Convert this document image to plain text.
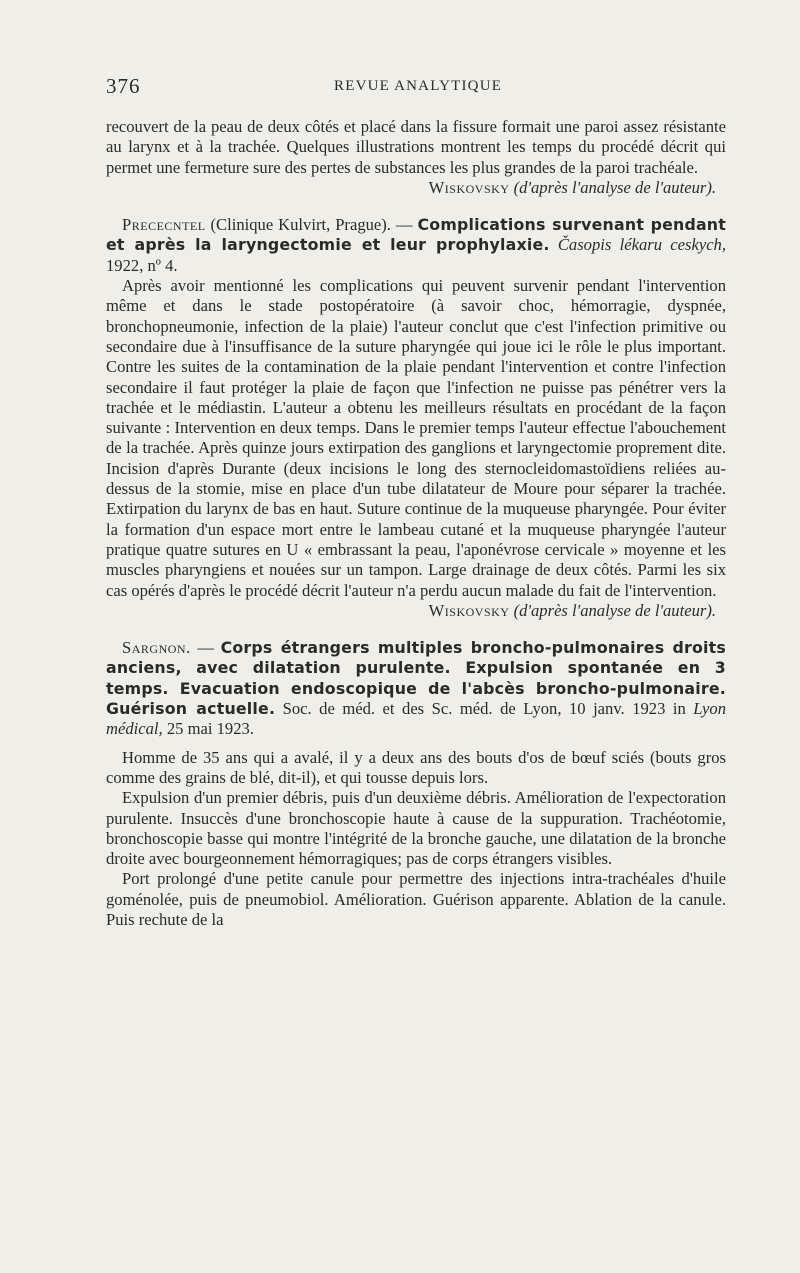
376	REVUE ANALYTIQUE

recouvert de la peau de deux côtés et placé dans la fissure formait une paroi assez résistante au larynx et à la trachée. Quelques illustrations montrent les temps du procédé décrit qui permet une fermeture sure des pertes de substances les plus grandes de la paroi trachéale.

Wiskovsky (d'après l'analyse de l'auteur).

Prececntel (Clinique Kulvirt, Prague). — Complications survenant pendant et après la laryngectomie et leur prophylaxie. Časopis lékaru ceskych, 1922, nº 4.

Après avoir mentionné les complications qui peuvent survenir pendant l'intervention même et dans le stade postopératoire (à savoir choc, hémorragie, dyspnée, bronchopneumonie, infection de la plaie) l'auteur conclut que c'est l'infection primitive ou secondaire due à l'insuffisance de la suture pharyngée qui joue ici le rôle le plus important. Contre les suites de la contamination de la plaie pendant l'intervention et contre l'infection secondaire il faut protéger la plaie de façon que l'infection ne puisse pas pénétrer vers la trachée et le médiastin. L'auteur a obtenu les meilleurs résultats en procédant de la façon suivante : Intervention en deux temps. Dans le premier temps l'auteur effectue l'abouchement de la trachée. Après quinze jours extirpation des ganglions et laryngectomie proprement dite. Incision d'après Durante (deux incisions le long des sternocleidomastoïdiens reliées au-dessus de la stomie, mise en place d'un tube dilatateur de Moure pour séparer la trachée. Extirpation du larynx de bas en haut. Suture continue de la muqueuse pharyngée. Pour éviter la formation d'un espace mort entre le lambeau cutané et la muqueuse pharyngée l'auteur pratique quatre sutures en U « embrassant la peau, l'aponévrose cervicale » moyenne et les muscles pharyngiens et nouées sur un tampon. Large drainage de deux côtés. Parmi les six cas opérés d'après le procédé décrit l'auteur n'a perdu aucun malade du fait de l'intervention.

Wiskovsky (d'après l'analyse de l'auteur).

Sargnon. — Corps étrangers multiples broncho-pulmonaires droits anciens, avec dilatation purulente. Expulsion spontanée en 3 temps. Evacuation endoscopique de l'abcès broncho-pulmonaire. Guérison actuelle. Soc. de méd. et des Sc. méd. de Lyon, 10 janv. 1923 in Lyon médical, 25 mai 1923.

Homme de 35 ans qui a avalé, il y a deux ans des bouts d'os de bœuf sciés (bouts gros comme des grains de blé, dit-il), et qui tousse depuis lors.

Expulsion d'un premier débris, puis d'un deuxième débris. Amélioration de l'expectoration purulente. Insuccès d'une bronchoscopie haute à cause de la suppuration. Trachéotomie, bronchoscopie basse qui montre l'intégrité de la bronche gauche, une dilatation de la bronche droite avec bourgeonnement hémorragiques; pas de corps étrangers visibles.

Port prolongé d'une petite canule pour permettre des injections intra-trachéales d'huile goménolée, puis de pneumobiol. Amélioration. Guérison apparente. Ablation de la canule. Puis rechute de la
